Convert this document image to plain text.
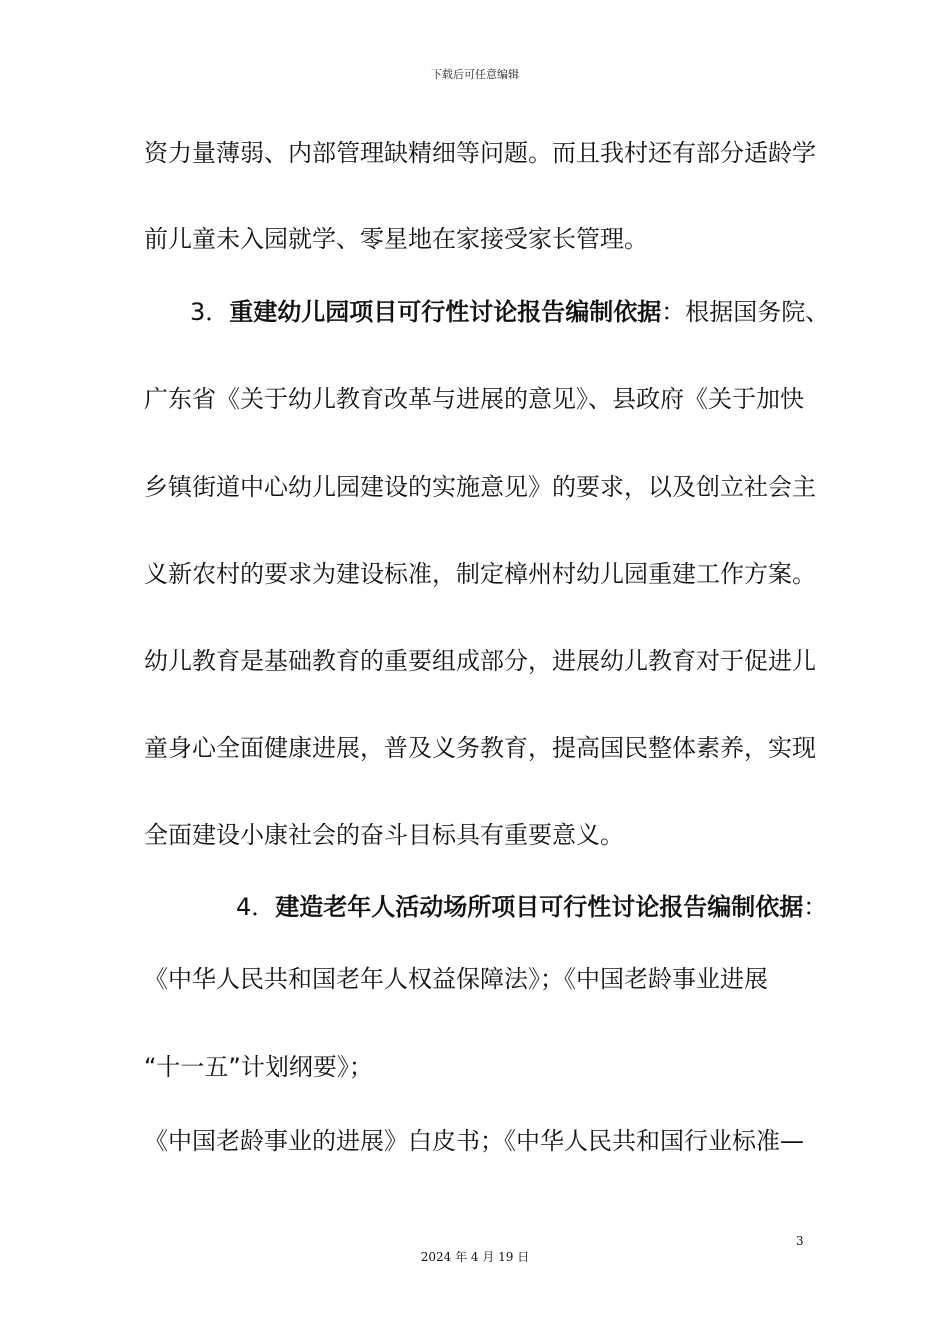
下载后可任意编辑
资力量薄弱、内部管理缺精细等问题。而且我村还有部分适龄学
前儿童未入园就学、零星地在家接受家长管理。
3．重建幼儿园项目可行性讨论报告编制依据：根据国务院、
广东省《关于幼儿教育改革与进展的意见》、县政府《关于加快
乡镇街道中心幼儿园建设的实施意见》的要求，以及创立社会主
义新农村的要求为建设标准，制定樟州村幼儿园重建工作方案。
幼儿教育是基础教育的重要组成部分，进展幼儿教育对于促进儿
童身心全面健康进展，普及义务教育，提高国民整体素养，实现
全面建设小康社会的奋斗目标具有重要意义。
4．建造老年人活动场所项目可行性讨论报告编制依据：
《中华人民共和国老年人权益保障法》；《中国老龄事业进展
“十一五”计划纲要》；
《中国老龄事业的进展》白皮书；《中华人民共和国行业标准—
3
2024 年 4 月 19 日
